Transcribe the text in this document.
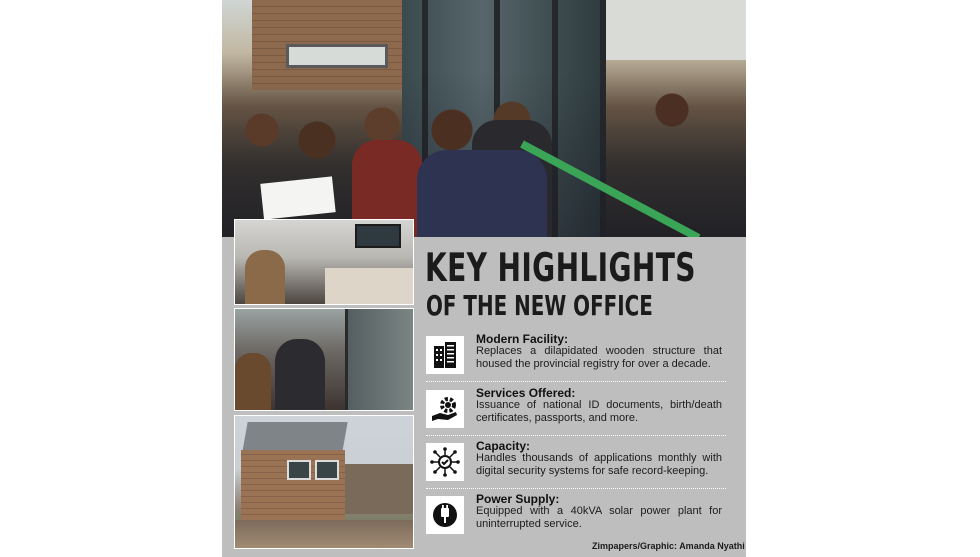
KEY HIGHLIGHTS
OF THE NEW OFFICE
Modern Facility:
Replaces a dilapidated wooden structure that housed the provincial registry for over a decade.
Services Offered:
Issuance of national ID documents, birth/death certificates, passports, and more.
Capacity:
Handles thousands of applications monthly with digital security systems for safe record-keeping.
Power Supply:
Equipped with a 40kVA solar power plant for uninterrupted service.
Zimpapers/Graphic: Amanda Nyathi
